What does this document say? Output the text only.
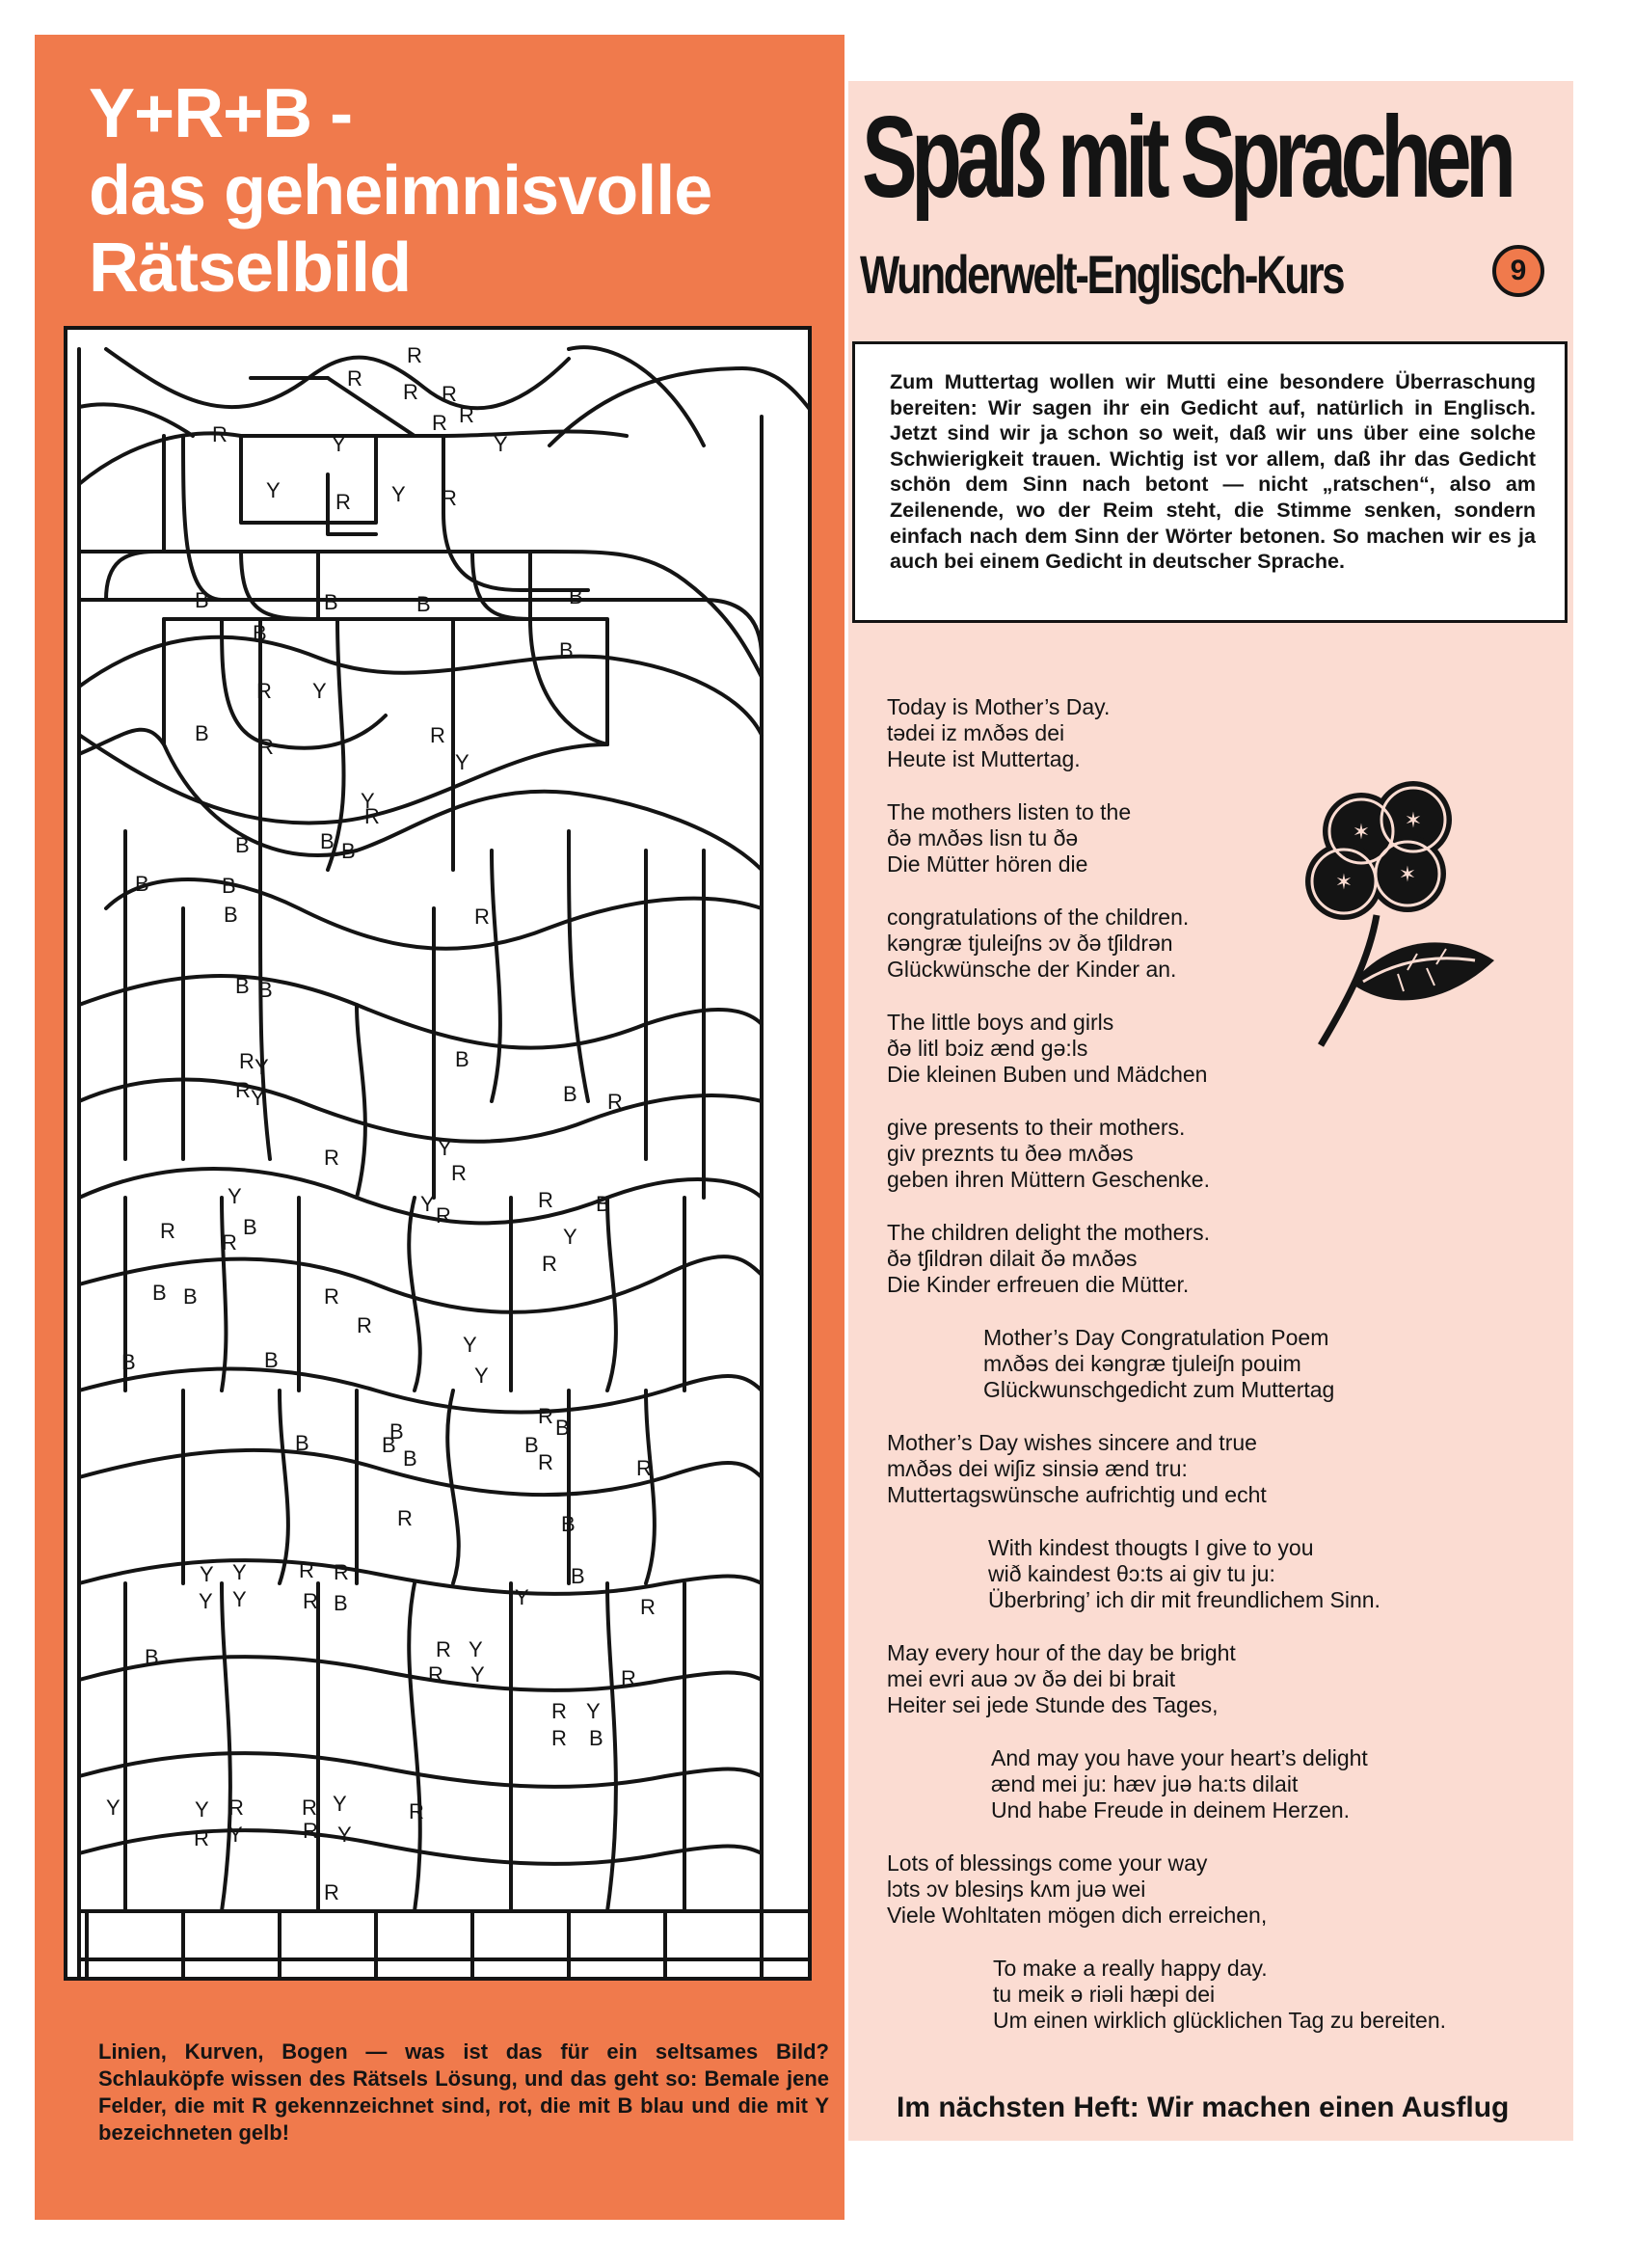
Y+R+B -
das geheimnisvolle
Rätselbild
R
R
R R
R
R
R	Y	Y
Y	R Y R
B	B	B	B
B
B
R Y
B
R	R
Y
Y
R
B	B B
B	B
B	R
B B
R Y
R Y
B
B R
R	Y
R
Y
B
R
Y R
R
Y
B
R
B B	R
R
R
B	B
Y
Y
R B
B	B
B
B
B
R	R
B
R
Y Y R R
Y Y	R B
B
R
Y
R Y
R Y
B
R Y
R B
R
Y	Y R	R Y	R
R Y	R Y
R

Linien, Kurven, Bogen — was ist das für ein seltsames Bild? Schlauköpfe wissen des Rätsels Lösung, und das geht so: Bemale jene Felder, die mit R gekennzeichnet sind, rot, die mit B blau und die mit Y bezeichneten gelb!

Spaß mit Sprachen
Wunderwelt-Englisch-Kurs	9

Zum Muttertag wollen wir Mutti eine besondere Überraschung bereiten: Wir sagen ihr ein Gedicht auf, natürlich in Englisch. Jetzt sind wir ja schon so weit, daß wir uns über eine solche Schwierigkeit trauen. Wichtig ist vor allem, daß ihr das Gedicht schön dem Sinn nach betont — nicht „ratschen“, also am Zeilenende, wo der Reim steht, die Stimme senken, sondern einfach nach dem Sinn der Wörter betonen. So machen wir es ja auch bei einem Gedicht in deutscher Sprache.

Today is Mother’s Day.
tədei iz mʌðəs dei
Heute ist Muttertag.
The mothers listen to the
ðə mʌðəs lisn tu ðə
Die Mütter hören die
congratulations of the children.
kəngræ tjuleiʃns ɔv ðə tʃildrən
Glückwünsche der Kinder an.
The little boys and girls
ðə litl bɔiz ænd gə:ls
Die kleinen Buben und Mädchen
give presents to their mothers.
giv preznts tu ðeə mʌðəs
geben ihren Müttern Geschenke.
The children delight the mothers.
ðə tʃildrən dilait ðə mʌðəs
Die Kinder erfreuen die Mütter.
Mother’s Day Congratulation Poem
mʌðəs dei kəngræ tjuleiʃn pouim
Glückwunschgedicht zum Muttertag
Mother’s Day wishes sincere and true
mʌðəs dei wiʃiz sinsiə ænd tru:
Muttertagswünsche aufrichtig und echt
With kindest thougts I give to you
wið kaindest θɔ:ts ai giv tu ju:
Überbring’ ich dir mit freundlichem Sinn.
May every hour of the day be bright
mei evri auə ɔv ðə dei bi brait
Heiter sei jede Stunde des Tages,
And may you have your heart’s delight
ænd mei ju: hæv juə ha:ts dilait
Und habe Freude in deinem Herzen.
Lots of blessings come your way
lɔts ɔv blesiŋs kʌm juə wei
Viele Wohltaten mögen dich erreichen,
To make a really happy day.
tu meik ə riəli hæpi dei
Um einen wirklich glücklichen Tag zu bereiten.
✶ ✶
✶ ✶

Im nächsten Heft: Wir machen einen Ausflug
